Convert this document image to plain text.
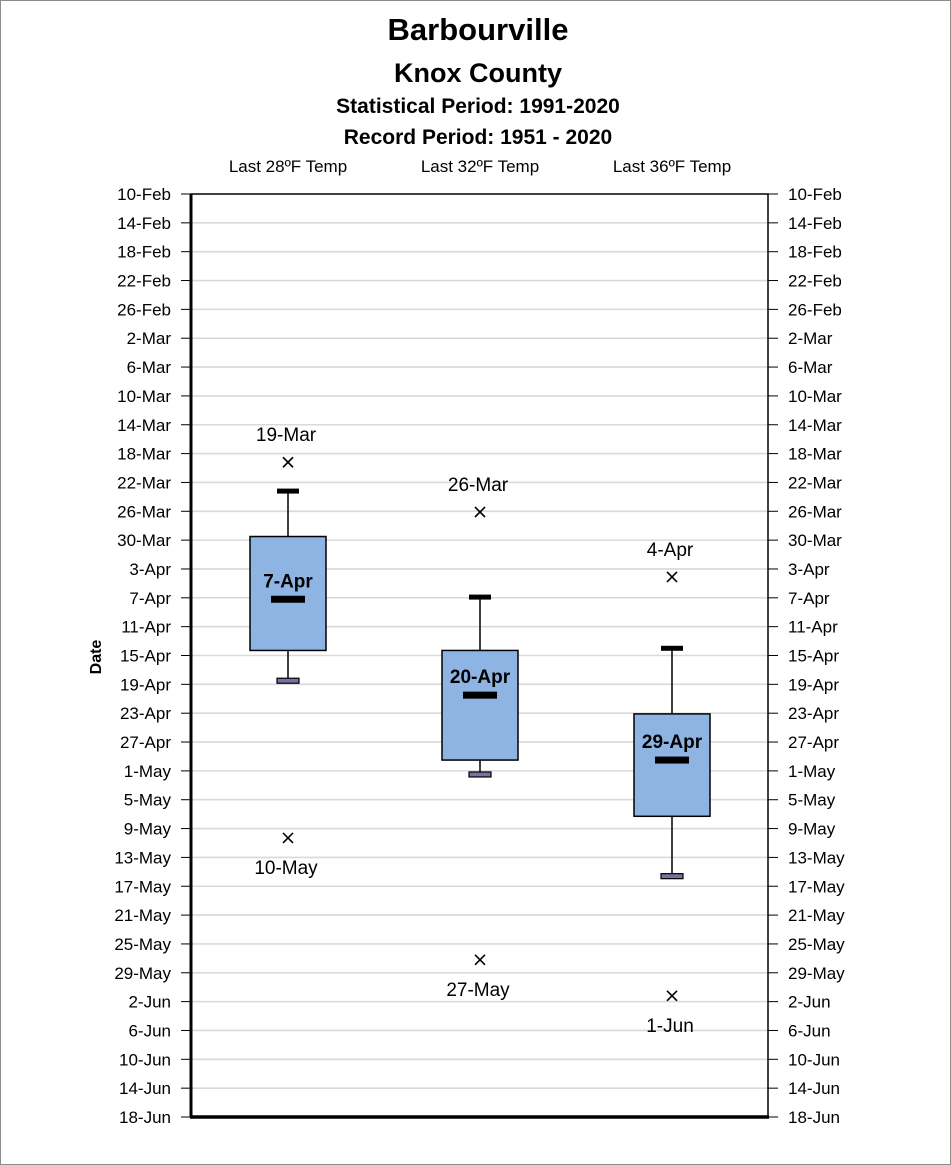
Barbourville
Knox County
Statistical Period: 1991-2020
Record Period: 1951 - 2020
Last 28ºF Temp	Last 32ºF Temp	Last 36ºF Temp
10-Feb
14-Feb
18-Feb
22-Feb
26-Feb
2-Mar
6-Mar
10-Mar
14-Mar
18-Mar
22-Mar
26-Mar
30-Mar
3-Apr
7-Apr
11-Apr
15-Apr
19-Apr
23-Apr
27-Apr
1-May
5-May
9-May
13-May
17-May
21-May
25-May
29-May
2-Jun
6-Jun
10-Jun
14-Jun
18-Jun
10-Feb
14-Feb
18-Feb
22-Feb
26-Feb
2-Mar
6-Mar
10-Mar
14-Mar
18-Mar
22-Mar
26-Mar
30-Mar
3-Apr
7-Apr
11-Apr
15-Apr
19-Apr
23-Apr
27-Apr
1-May
5-May
9-May
13-May
17-May
21-May
25-May
29-May
2-Jun
6-Jun
10-Jun
14-Jun
18-Jun
Date
7-Apr
19-Mar
10-May
20-Apr
26-Mar
27-May
29-Apr
4-Apr
1-Jun
